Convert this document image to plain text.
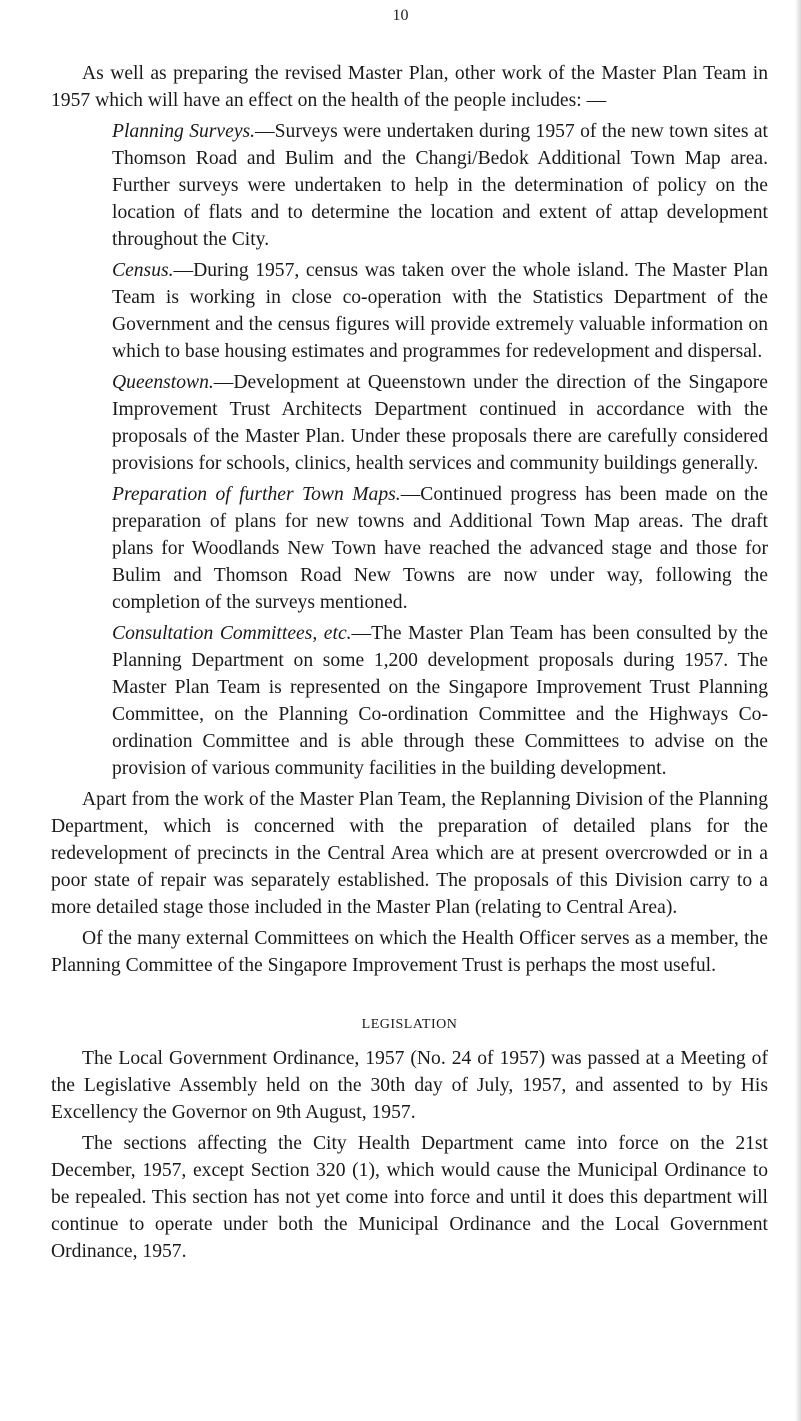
10

As well as preparing the revised Master Plan, other work of the Master Plan Team in 1957 which will have an effect on the health of the people includes: —

Planning Surveys.—Surveys were undertaken during 1957 of the new town sites at Thomson Road and Bulim and the Changi/Bedok Additional Town Map area. Further surveys were undertaken to help in the determination of policy on the location of flats and to determine the location and extent of attap development throughout the City.

Census.—During 1957, census was taken over the whole island. The Master Plan Team is working in close co-operation with the Statistics Department of the Government and the census figures will provide extremely valuable information on which to base housing estimates and programmes for redevelopment and dispersal.

Queenstown.—Development at Queenstown under the direction of the Singapore Improvement Trust Architects Department continued in accordance with the proposals of the Master Plan. Under these proposals there are carefully considered provisions for schools, clinics, health services and community buildings generally.

Preparation of further Town Maps.—Continued progress has been made on the preparation of plans for new towns and Additional Town Map areas. The draft plans for Woodlands New Town have reached the advanced stage and those for Bulim and Thomson Road New Towns are now under way, following the completion of the surveys mentioned.

Consultation Committees, etc.—The Master Plan Team has been consulted by the Planning Department on some 1,200 development proposals during 1957. The Master Plan Team is represented on the Singapore Improvement Trust Planning Committee, on the Planning Co-ordination Committee and the Highways Co-ordination Committee and is able through these Committees to advise on the provision of various community facilities in the building development.

Apart from the work of the Master Plan Team, the Replanning Division of the Planning Department, which is concerned with the preparation of detailed plans for the redevelopment of precincts in the Central Area which are at present overcrowded or in a poor state of repair was separately established. The proposals of this Division carry to a more detailed stage those included in the Master Plan (relating to Central Area).

Of the many external Committees on which the Health Officer serves as a member, the Planning Committee of the Singapore Improvement Trust is perhaps the most useful.

LEGISLATION

The Local Government Ordinance, 1957 (No. 24 of 1957) was passed at a Meeting of the Legislative Assembly held on the 30th day of July, 1957, and assented to by His Excellency the Governor on 9th August, 1957.

The sections affecting the City Health Department came into force on the 21st December, 1957, except Section 320 (1), which would cause the Municipal Ordinance to be repealed. This section has not yet come into force and until it does this department will continue to operate under both the Municipal Ordinance and the Local Government Ordinance, 1957.
